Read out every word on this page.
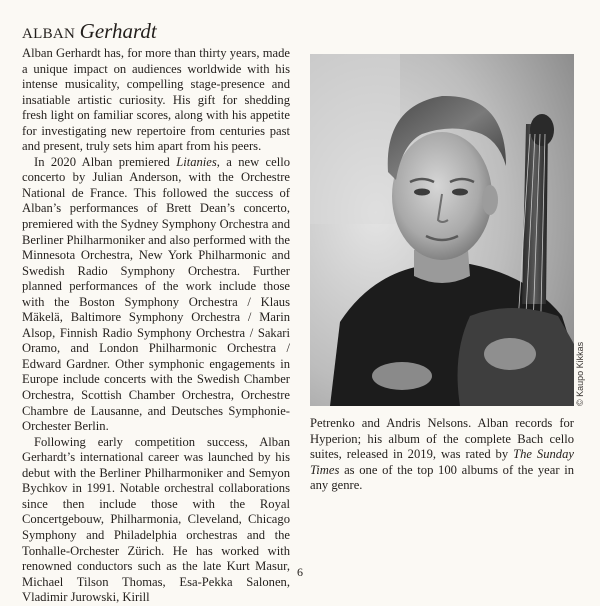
ALBAN Gerhardt

Alban Gerhardt has, for more than thirty years, made a unique impact on audiences worldwide with his intense musicality, compelling stage-presence and insatiable artistic curiosity. His gift for shedding fresh light on familiar scores, along with his appetite for investigating new repertoire from centuries past and present, truly sets him apart from his peers.

In 2020 Alban premiered Litanies, a new cello concerto by Julian Anderson, with the Orchestre National de France. This followed the success of Alban’s performances of Brett Dean’s concerto, premiered with the Sydney Symphony Orchestra and Berliner Philharmoniker and also performed with the Minnesota Orchestra, New York Philharmonic and Swedish Radio Symphony Orchestra. Further planned performances of the work include those with the Boston Symphony Orchestra / Klaus Mäkelä, Baltimore Symphony Orchestra / Marin Alsop, Finnish Radio Symphony Orchestra / Sakari Oramo, and London Philharmonic Orchestra / Edward Gardner. Other symphonic engagements in Europe include concerts with the Swedish Chamber Orchestra, Scottish Chamber Orchestra, Orchestre Chambre de Lausanne, and Deutsches Symphonie-Orchester Berlin.

Following early competition success, Alban Gerhardt’s international career was launched by his debut with the Berliner Philharmoniker and Semyon Bychkov in 1991. Notable orchestral collaborations since then include those with the Royal Concertgebouw, Philharmonia, Cleveland, Chicago Symphony and Philadelphia orchestras and the Tonhalle-Orchester Zürich. He has worked with renowned conductors such as the late Kurt Masur, Michael Tilson Thomas, Esa-Pekka Salonen, Vladimir Jurowski, Kirill

© Kaupo Kikkas

Petrenko and Andris Nelsons. Alban records for Hyperion; his album of the complete Bach cello suites, released in 2019, was rated by The Sunday Times as one of the top 100 albums of the year in any genre.

6
